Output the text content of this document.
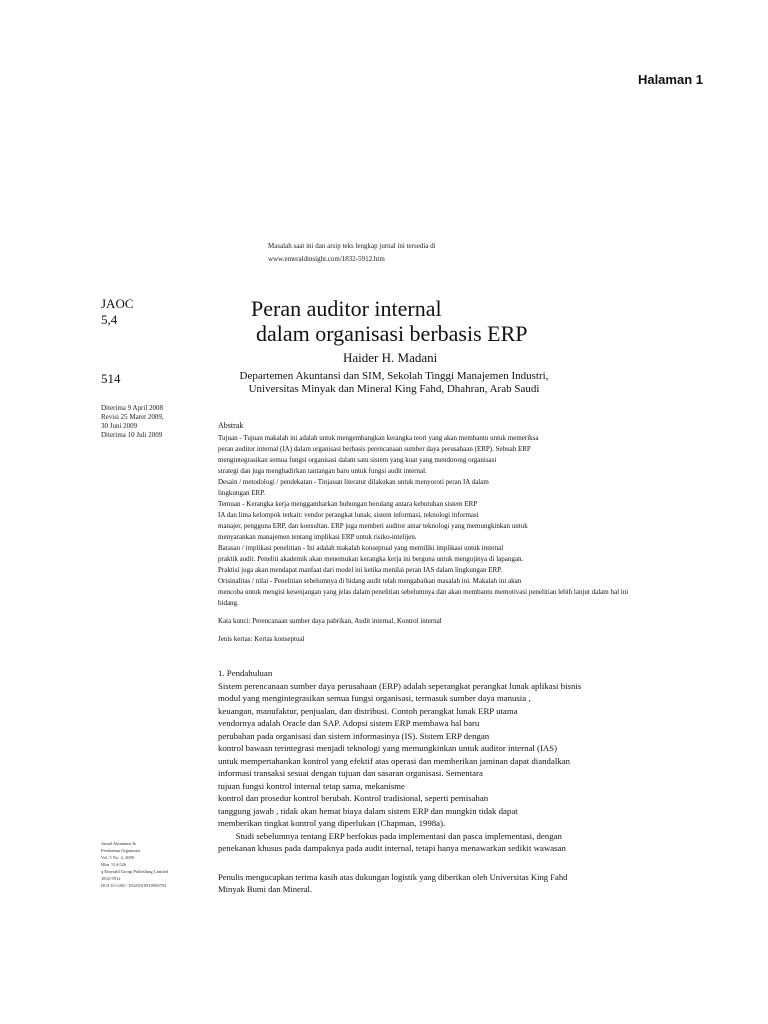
Halaman 1
Masalah saat ini dan arsip teks lengkap jurnal ini tersedia di
www.emeraldinsight.com/1832-5912.htm
JAOC
5,4
514
Peran auditor internal
dalam organisasi berbasis ERP
Haider H. Madani
Departemen Akuntansi dan SIM, Sekolah Tinggi Manajemen Industri,
Universitas Minyak dan Mineral King Fahd, Dhahran, Arab Saudi
Diterima 9 April 2008
Revisi 25 Maret 2009,
30 Juni 2009
Diterima 10 Juli 2009
Abstrak

Tujuan - Tujuan makalah ini adalah untuk mengembangkan kerangka teori yang akan membantu untuk memeriksa

peran auditor internal (IA) dalam organisasi berbasis perencanaan sumber daya perusahaan (ERP). Sebuah ERP

mengintegrasikan semua fungsi organisasi dalam satu sistem yang kuat yang mendorong organisasi

strategi dan juga menghadirkan tantangan baru untuk fungsi audit internal.

Desain / metodologi / pendekatan - Tinjauan literatur dilakukan untuk menyoroti peran IA dalam

lingkungan ERP.

Temuan - Kerangka kerja menggambarkan hubungan berulang antara kebutuhan sistem ERP

IA dan lima kelompok terkait: vendor perangkat lunak, sistem informasi, teknologi informasi

manajer, pengguna ERP, dan konsultan. ERP juga memberi auditor antar teknologi yang memungkinkan untuk

menyarankan manajemen tentang implikasi ERP untuk risiko-intelijen.

Batasan / implikasi penelitian - Ini adalah makalah konseptual yang memiliki implikasi untuk internal

praktik audit. Peneliti akademik akan menemukan kerangka kerja ini berguna untuk mengujinya di lapangan.

Praktisi juga akan mendapat manfaat dari model ini ketika menilai peran IAS dalam lingkungan ERP.

Orisinalitas / nilai - Penelitian sebelumnya di bidang audit telah mengabaikan masalah ini. Makalah ini akan

mencoba untuk mengisi kesenjangan yang jelas dalam penelitian sebelumnya dan akan membantu memotivasi penelitian lebih lanjut dalam hal ini

bidang.

Kata kunci: Perencanaan sumber daya pabrikan, Audit internal, Kontrol internal

Jenis kertas: Kertas konseptual

1. Pendahuluan

Sistem perencanaan sumber daya perusahaan (ERP) adalah seperangkat perangkat lunak aplikasi bisnis

modul yang mengintegrasikan semua fungsi organisasi, termasuk sumber daya manusia ,

keuangan, manufaktur, penjualan, dan distribusi. Contoh perangkat lunak ERP utama

vendornya adalah Oracle dan SAP. Adopsi sistem ERP membawa hal baru

perubahan pada organisasi dan sistem informasinya (IS). Sistem ERP dengan

kontrol bawaan terintegrasi menjadi teknologi yang memungkinkan untuk auditor internal (IAS)

untuk mempertahankan kontrol yang efektif atas operasi dan memberikan jaminan dapat diandalkan

informasi transaksi sesuai dengan tujuan dan sasaran organisasi. Sementara

tujuan fungsi kontrol internal tetap sama, mekanisme

kontrol dan prosedur kontrol berubah. Kontrol tradisional, seperti pemisahan

tanggung jawab , tidak akan hemat biaya dalam sistem ERP dan mungkin tidak dapat

memberikan tingkat kontrol yang diperlukan (Chapman, 1998a).

Studi sebelumnya tentang ERP berfokus pada implementasi dan pasca implementasi, dengan

penekanan khusus pada dampaknya pada audit internal, tetapi hanya menawarkan sedikit wawasan

Jurnal Akuntansi &
Perubahan Organisasi
Vol. 5 No. 4, 2009
Hlm. 514-526
q Emerald Group Publishing Limited
1832-5912
DOI 10.1108 / 18325910910994702

Penulis mengucapkan terima kasih atas dukungan logistik yang diberikan oleh Universitas King Fahd

Minyak Bumi dan Mineral.
